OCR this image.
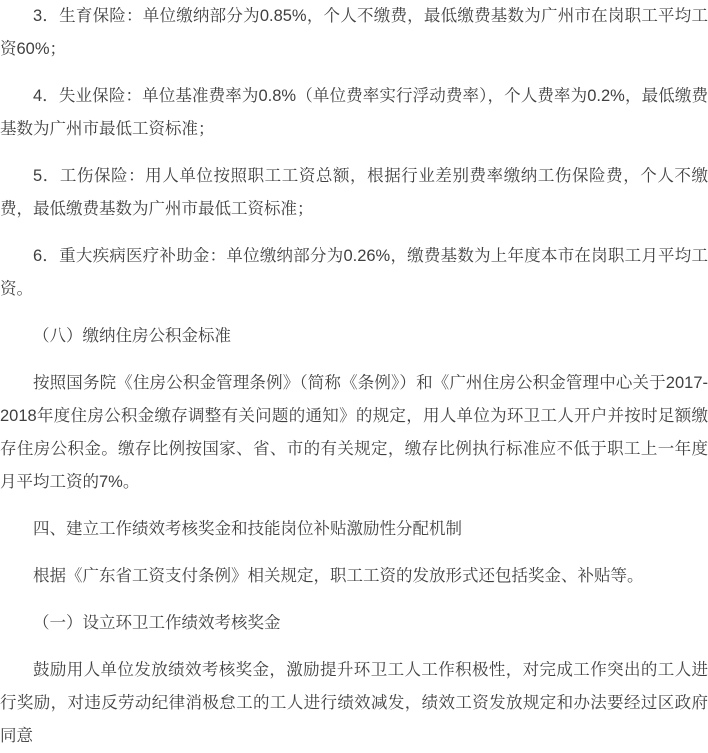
3．生育保险：单位缴纳部分为0.85%，个人不缴费，最低缴费基数为广州市在岗职工平均工资60%；

4．失业保险：单位基准费率为0.8%（单位费率实行浮动费率），个人费率为0.2%，最低缴费基数为广州市最低工资标准；

5．工伤保险：用人单位按照职工工资总额，根据行业差别费率缴纳工伤保险费，个人不缴费，最低缴费基数为广州市最低工资标准；

6．重大疾病医疗补助金：单位缴纳部分为0.26%，缴费基数为上年度本市在岗职工月平均工资。

（八）缴纳住房公积金标准

按照国务院《住房公积金管理条例》（简称《条例》）和《广州住房公积金管理中心关于2017-2018年度住房公积金缴存调整有关问题的通知》的规定，用人单位为环卫工人开户并按时足额缴存住房公积金。缴存比例按国家、省、市的有关规定，缴存比例执行标准应不低于职工上一年度月平均工资的7%。

四、建立工作绩效考核奖金和技能岗位补贴激励性分配机制

根据《广东省工资支付条例》相关规定，职工工资的发放形式还包括奖金、补贴等。

（一）设立环卫工作绩效考核奖金

鼓励用人单位发放绩效考核奖金，激励提升环卫工人工作积极性，对完成工作突出的工人进行奖励，对违反劳动纪律消极怠工的工人进行绩效减发，绩效工资发放规定和办法要经过区政府同意
